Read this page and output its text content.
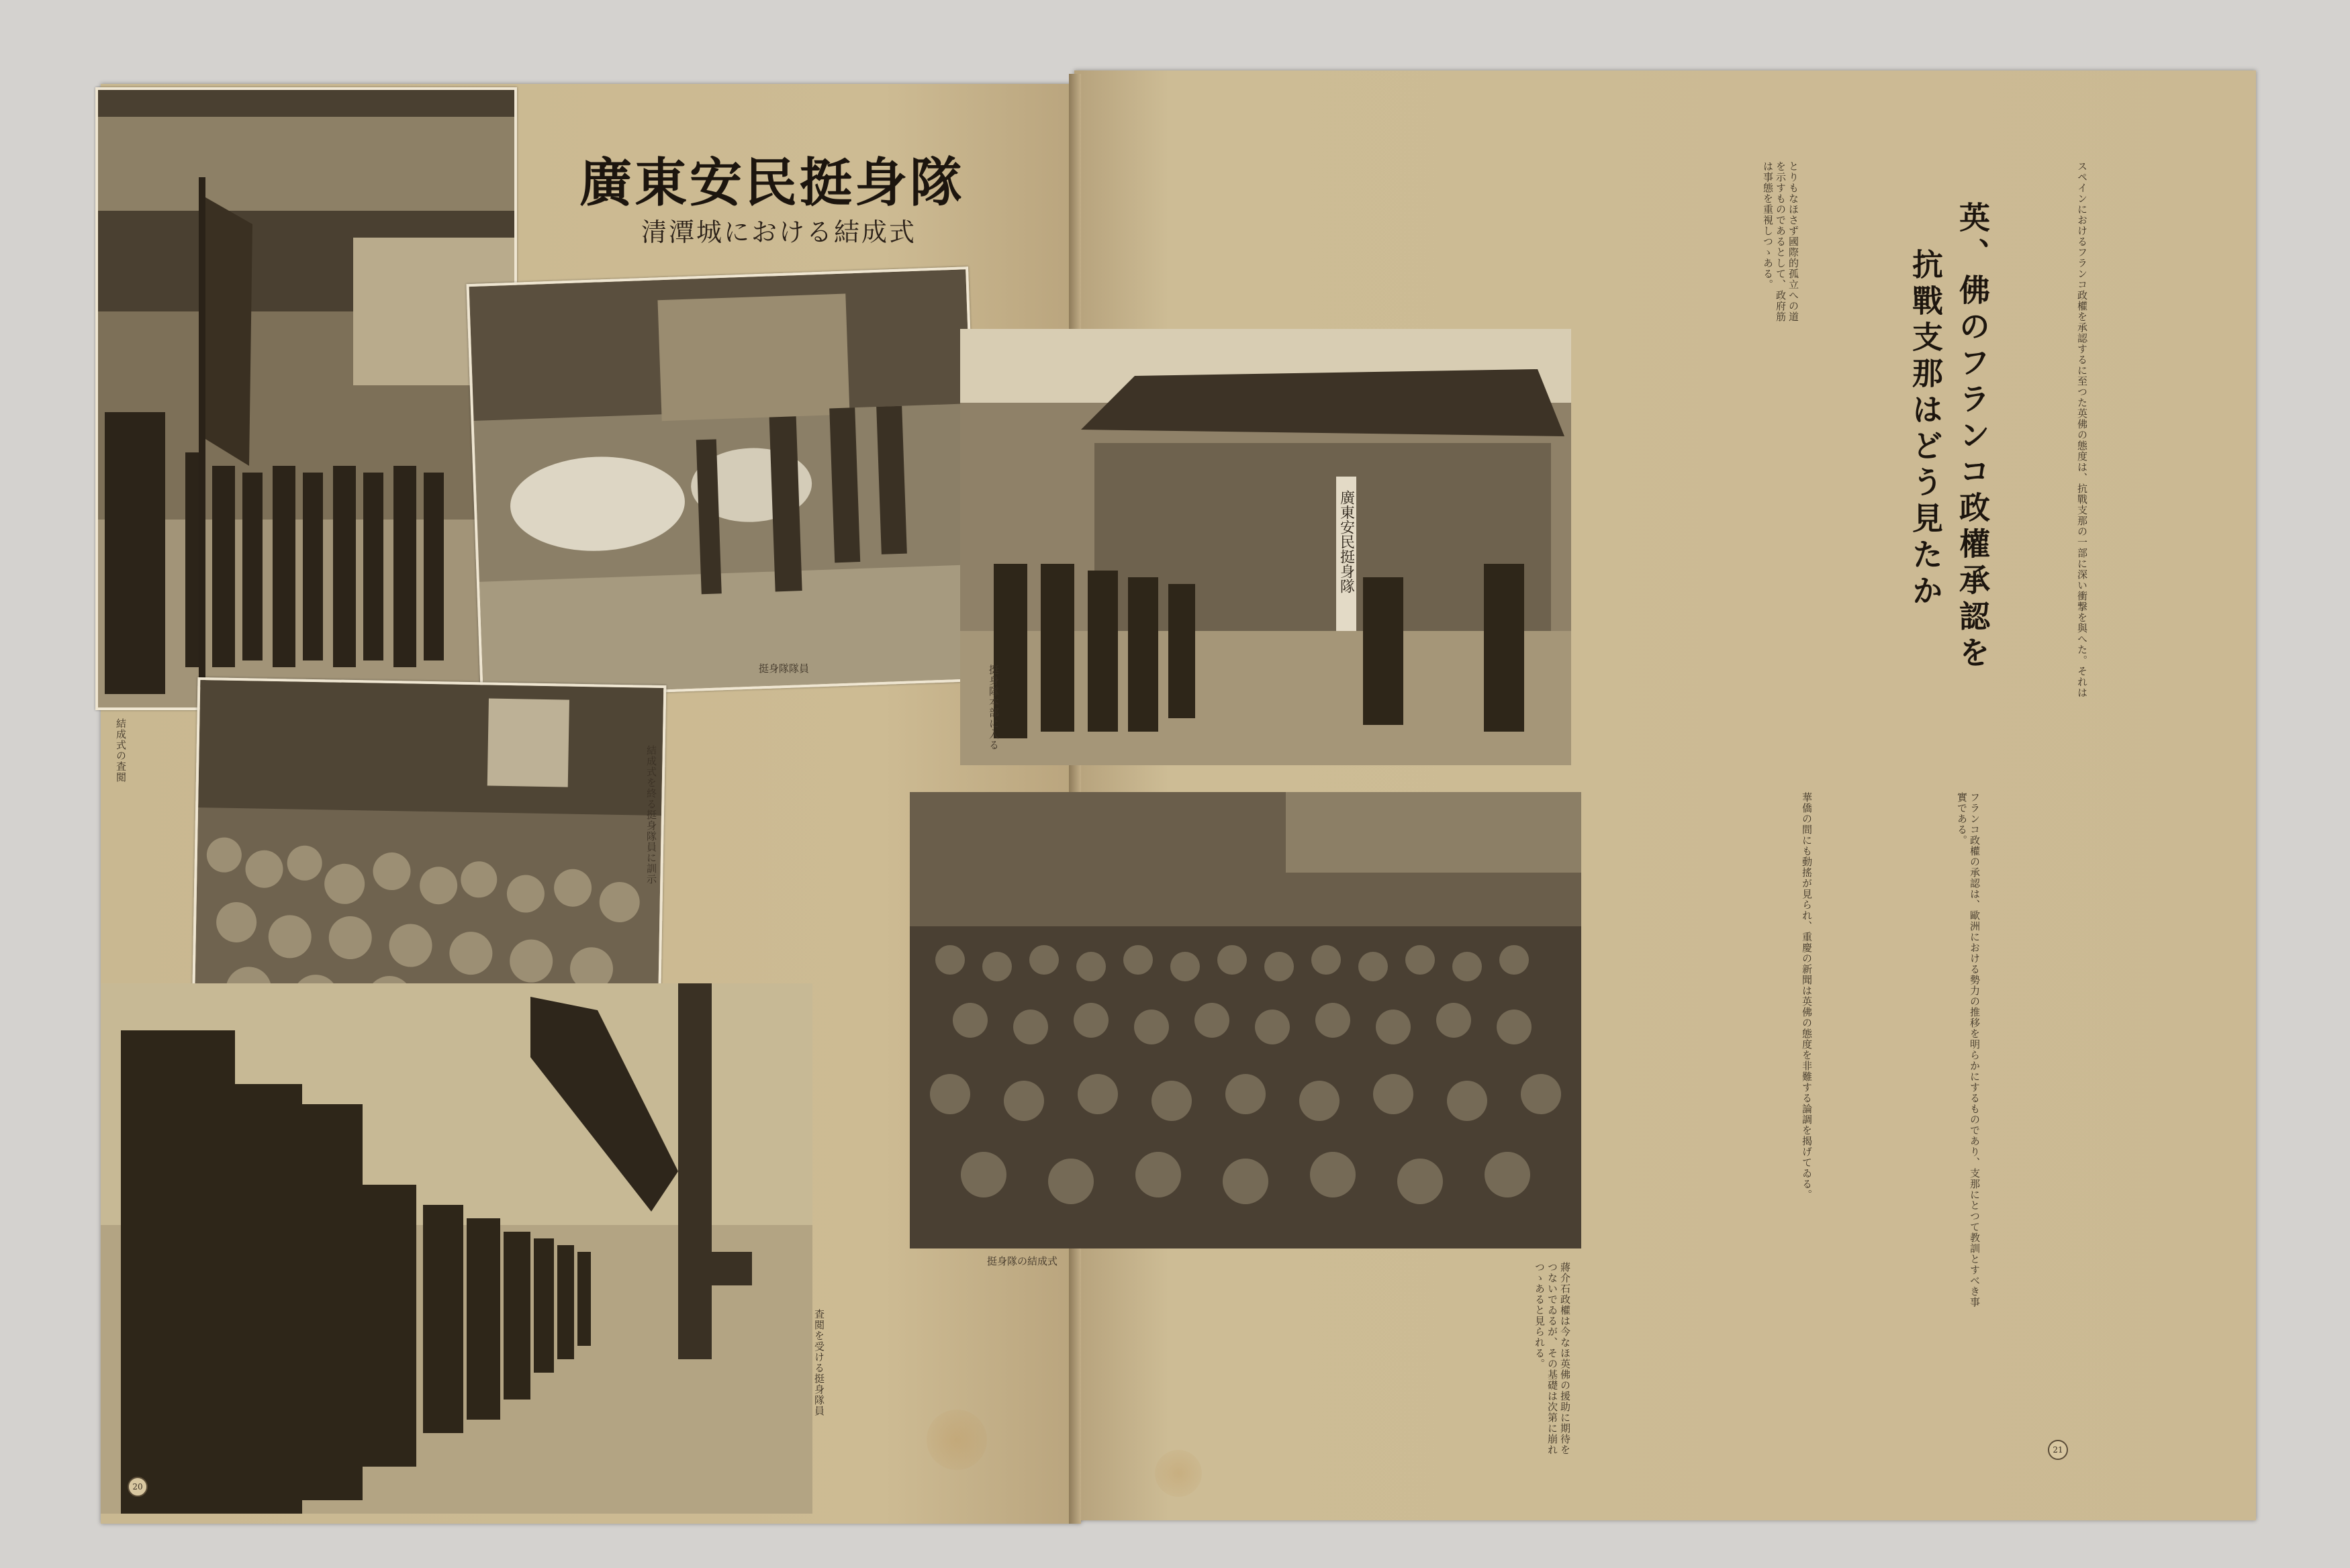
廣東安民挺身隊
清潭城における結成式
結成式の査閲
挺身隊隊員
結成式を終る挺身隊員に訓示
査閲を受ける挺身隊員
20
廣東安民挺身隊
挺身隊本部に入る
挺身隊の結成式
英、佛のフランコ政權承認を
抗戰支那はどう見たか	スペインにおけるフランコ政權を承認するに至つた英佛の態度は、抗戰支那の一部に深い衝撃を與へた。それは
とりもなほさず國際的孤立への道を示すものであるとして、政府筋は事態を重視しつゝある。
華僑の間にも動搖が見られ、重慶の新聞は英佛の態度を非難する論調を揭げてゐる。	フランコ政權の承認は、歐洲における勢力の推移を明らかにするものであり、支那にとつて教訓とすべき事實である。
蔣介石政權は今なほ英佛の援助に期待をつないでゐるが、その基礎は次第に崩れつゝあると見られる。
21
